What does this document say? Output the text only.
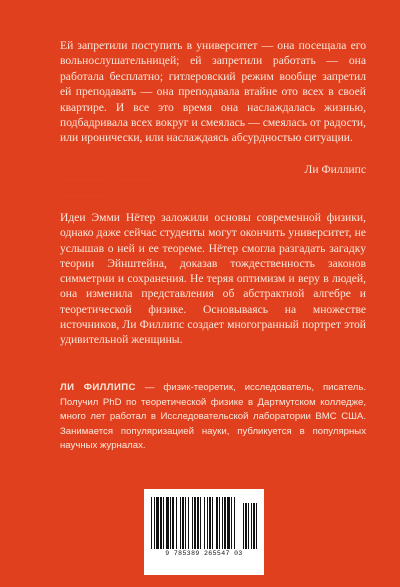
Ей запретили поступить в университет — она посещала его вольнослушательницей; ей запретили работать — она работала бесплатно; гитлеровский режим вообще запретил ей преподавать — она преподавала втайне ото всех в своей квартире. И все это время она наслаждалась жизнью, подбадривала всех вокруг и смеялась — смеялась от радости, или иронически, или наслаждаясь абсурдностью ситуации.

Ли Филлипс

· · · · · · · · · · · · · · · · · · · · · · ·
· · · · · · · · · · · · ·

Идеи Эмми Нётер заложили основы современной физики, однако даже сейчас студенты могут окончить университет, не услышав о ней и ее теореме. Нётер смогла разгадать загадку теории Эйнштейна, доказав тождественность законов симметрии и сохранения. Не теряя оптимизм и веру в людей, она изменила представления об абстрактной алгебре и теоретической физике. Основываясь на множестве источников, Ли Филлипс создает многогранный портрет этой удивительной женщины.

ЛИ ФИЛЛИПС — физик-теоретик, исследователь, писатель. Получил PhD по теоретической физике в Дартмутском колледже, много лет работал в Исследовательской лаборатории ВМС США. Занимается популяризацией науки, публикуется в популярных научных журналах.

9 785389 265547 03
